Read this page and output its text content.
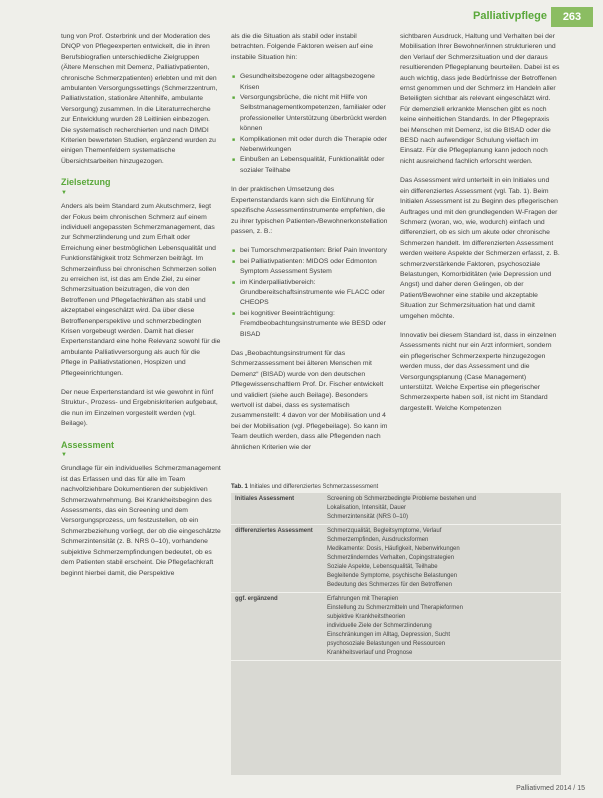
Palliativpflege	263

tung von Prof. Osterbrink und der Moderation des DNQP von Pflegeexperten entwickelt, die in ihren Berufsbiografien unterschiedliche Zielgruppen (Ältere Menschen mit Demenz, Palliativpatienten, chronische Schmerzpatienten) erlebten und mit den ambulanten Versorgungssettings (Schmerzzentrum, Palliativstation, stationäre Altenhilfe, ambulante Versorgung) zusammen. In die Literaturrecherche zur Entwicklung wurden 28 Leitlinien einbezogen. Die systematisch recherchierten und nach DIMDI Kriterien bewerteten Studien, ergänzend wurden zu einigen Themenfeldern systematische Übersichtsarbeiten hinzugezogen.

Zielsetzung
▼

Anders als beim Standard zum Akutschmerz, liegt der Fokus beim chronischen Schmerz auf einem individuell angepassten Schmerzmanagement, das zur Schmerzlinderung und zum Erhalt oder Erreichung einer bestmöglichen Lebensqualität und Funktionsfähigkeit trotz Schmerzen beiträgt. Im Schmerzeinfluss bei chronischen Schmerzen sollen zu erreichen ist, ist das am Ende Ziel, zu einer Schmerzsituation beizutragen, die von den Betroffenen und Pflegefachkräften als stabil und akzeptabel eingeschätzt wird. Da über diese Betroffenenperspektive und schmerzbedingten Krisen vorgebeugt werden. Damit hat dieser Expertenstandard eine hohe Relevanz sowohl für die ambulante Palliativversorgung als auch für die Pflege in Palliativstationen, Hospizen und Pflegeeinrichtungen.

Der neue Expertenstandard ist wie gewohnt in fünf Struktur-, Prozess- und Ergebniskriterien aufgebaut, die nun im Einzelnen vorgestellt werden (vgl. Beilage).

Assessment
▼

Grundlage für ein individuelles Schmerzmanagement ist das Erfassen und das für alle im Team nachvollziehbare Dokumentieren der subjektiven Schmerzwahrnehmung. Bei Krankheitsbeginn des Assessments, das ein Screening und dem Versorgungsprozess, um festzustellen, ob ein Schmerzbeziehung vorliegt, der ob die eingeschätzte Schmerzintensität (z. B. NRS 0–10), vorhandene subjektive Schmerzempfindungen bedeutet, ob es dem Patienten stabil erscheint. Die Pflegefachkraft beginnt hierbei damit, die Perspektive

als die die Situation als stabil oder instabil betrachten. Folgende Faktoren weisen auf eine instabile Situation hin:

■ Gesundheitsbezogene oder alltagsbezogene Krisen
■ Versorgungsbrüche, die nicht mit Hilfe von Selbstmanagementkompetenzen, familialer oder professioneller Unterstützung überbrückt werden können
■ Komplikationen mit oder durch die Therapie oder Nebenwirkungen
■ Einbußen an Lebensqualität, Funktionalität oder sozialer Teilhabe

In der praktischen Umsetzung des Expertenstandards kann sich die Einführung für spezifische Assessmentinstrumente empfehlen, die zu ihrer typischen Patienten-/Bewohnerkonstellation passen, z. B.:

■ bei Tumorschmerzpatienten: Brief Pain Inventory
■ bei Palliativpatienten: MIDOS oder Edmonton Symptom Assessment System
■ im Kinderpalliativbereich: Grundbereitschaftsinstrumente wie FLACC oder CHEOPS
■ bei kognitiver Beeinträchtigung: Fremdbeobachtungsinstrumente wie BESD oder BISAD

Das „Beobachtungsinstrument für das Schmerzassessment bei älteren Menschen mit Demenz“ (BISAD) wurde von den deutschen Pflegewissenschaftlern Prof. Dr. Fischer entwickelt und validiert (siehe auch Beilage). Besonders wertvoll ist dabei, dass es systematisch zusammenstellt: 4 davon vor der Mobilisation und 4 bei der Mobilisation (vgl. Pflegebeilage). So kann im Team deutlich werden, dass alle Pflegenden nach ähnlichen Kriterien wie der

sichtbaren Ausdruck, Haltung und Verhalten bei der Mobilisation Ihrer Bewohner/innen strukturieren und den Verlauf der Schmerzsituation und der daraus resultierenden Pflegeplanung beurteilen. Dabei ist es auch wichtig, dass jede Bedürfnisse der Betroffenen ernst genommen und der Schmerz im Handeln aller Beteiligten sichtbar als relevant eingeschätzt wird. Für demenziell erkrankte Menschen gibt es noch keine einheitlichen Standards. In der Pflegepraxis bei Menschen mit Demenz, ist die BISAD oder die BESD nach aufwendiger Schulung vielfach im Einsatz. Für die Pflegeplanung kann jedoch noch nicht ausreichend fachlich erforscht werden.

Das Assessment wird unterteilt in ein Initiales und ein differenziertes Assessment (vgl. Tab. 1). Beim Initialen Assessment ist zu Beginn des pflegerischen Auftrages und mit den grundlegenden W-Fragen der Schmerz (woran, wo, wie, wodurch) einfach und differenziert, ob es sich um akute oder chronische Schmerzen handelt. Im differenzierten Assessment werden weitere Aspekte der Schmerzen erfasst, z. B. schmerzverstärkende Faktoren, psychosoziale Belastungen, Komorbiditäten (wie Depression und Angst) und daher deren Gelingen, ob der Patient/Bewohner eine stabile und akzeptable Situation zur Schmerzsituation hat und damit umgehen möchte.

Innovativ bei diesem Standard ist, dass in einzelnen Assessments nicht nur ein Arzt informiert, sondern ein pflegerischer Schmerzexperte hinzugezogen werden muss, der das Assessment und die Versorgungsplanung (Case Management) unterstützt. Welche Expertise ein pflegerischer Schmerzexperte haben soll, ist nicht im Standard dargestellt. Welche Kompetenzen

Tab. 1 Initiales und differenziertes Schmerzassessment
Initiales Assessment	Screening ob Schmerzbedingte Probleme bestehen und
Lokalisation, Intensität, Dauer
Schmerzintensität (NRS 0–10)
differenziertes Assessment	Schmerzqualität, Begleitsymptome, Verlauf
Schmerzempfinden, Ausdrucksformen
Medikamente: Dosis, Häufigkeit, Nebenwirkungen
Schmerzlinderndes Verhalten, Copingstrategien
Soziale Aspekte, Lebensqualität, Teilhabe
Begleitende Symptome, psychische Belastungen
Bedeutung des Schmerzes für den Betroffenen
ggf. ergänzend	Erfahrungen mit Therapien
Einstellung zu Schmerzmitteln und Therapieformen
subjektive Krankheitstheorien
individuelle Ziele der Schmerzlinderung
Einschränkungen im Alltag, Depression, Sucht
psychosoziale Belastungen und Ressourcen
Krankheitsverlauf und Prognose
Palliativmed 2014 / 15
